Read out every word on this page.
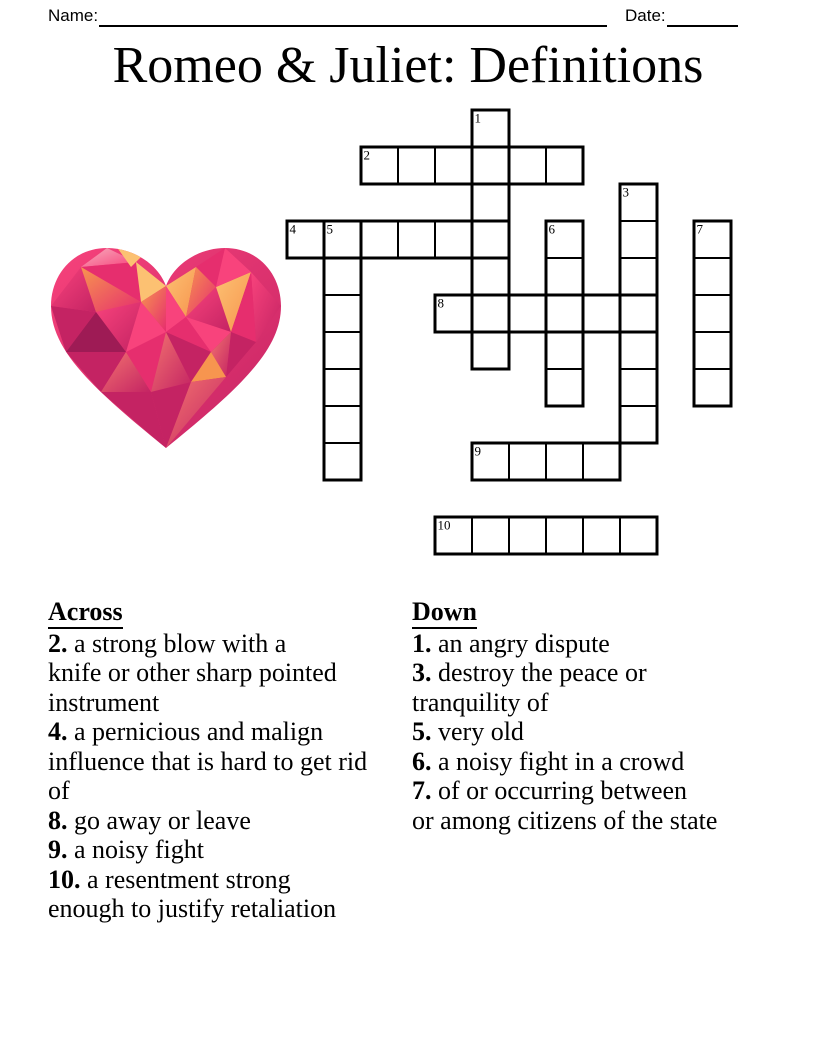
Name:	Date:
Romeo & Juliet: Definitions
1
2
3
4 5	6	7
8
9
10

Across

2. a strong blow with a

knife or other sharp pointed

instrument

4. a pernicious and malign

influence that is hard to get rid

of

8. go away or leave

9. a noisy fight

10. a resentment strong

enough to justify retaliation

Down

1. an angry dispute

3. destroy the peace or

tranquility of

5. very old

6. a noisy fight in a crowd

7. of or occurring between

or among citizens of the state
